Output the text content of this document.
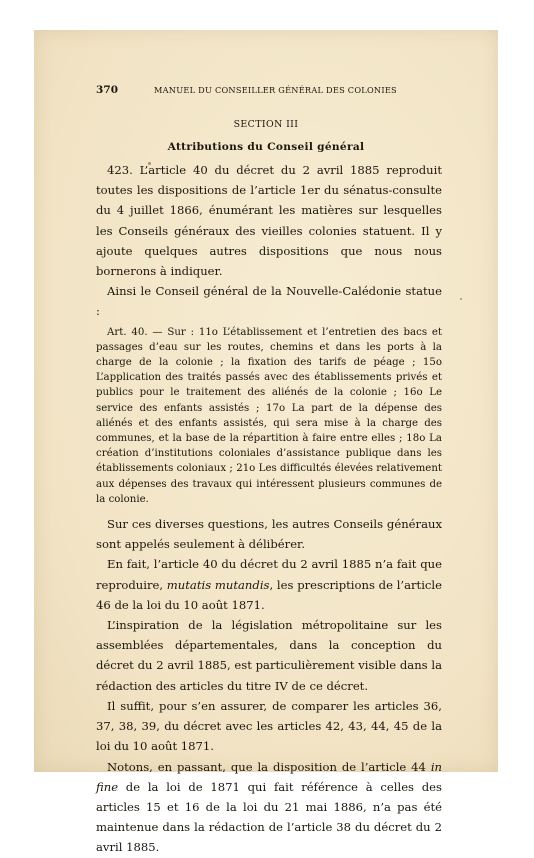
370	MANUEL DU CONSEILLER GÉNÉRAL DES COLONIES
SECTION III
Attributions du Conseil général

423. L’article 40 du décret du 2 avril 1885 reproduit toutes les dispositions de l’article 1er du sénatus-consulte du 4 juillet 1866, énumérant les matières sur lesquelles les Conseils généraux des vieilles colonies statuent. Il y ajoute quelques autres dispositions que nous nous bornerons à indiquer.

Ainsi le Conseil général de la Nouvelle-Calédonie statue :

Art. 40. — Sur : 11o L’établissement et l’entretien des bacs et passages d’eau sur les routes, chemins et dans les ports à la charge de la colonie ; la fixation des tarifs de péage ; 15o L’application des traités passés avec des établissements privés et publics pour le traitement des aliénés de la colonie ; 16o Le service des enfants assistés ; 17o La part de la dépense des aliénés et des enfants assistés, qui sera mise à la charge des communes, et la base de la répartition à faire entre elles ; 18o La création d’institutions coloniales d’assistance publique dans les établissements coloniaux ; 21o Les difficultés élevées relativement aux dépenses des travaux qui intéressent plusieurs communes de la colonie.

Sur ces diverses questions, les autres Conseils généraux sont appelés seulement à délibérer.

En fait, l’article 40 du décret du 2 avril 1885 n’a fait que reproduire, mutatis mutandis, les prescriptions de l’article 46 de la loi du 10 août 1871.

L’inspiration de la législation métropolitaine sur les assemblées départementales, dans la conception du décret du 2 avril 1885, est particulièrement visible dans la rédaction des articles du titre IV de ce décret.

Il suffit, pour s’en assurer, de comparer les articles 36, 37, 38, 39, du décret avec les articles 42, 43, 44, 45 de la loi du 10 août 1871.

Notons, en passant, que la disposition de l’article 44 in fine de la loi de 1871 qui fait référence à celles des articles 15 et 16 de la loi du 21 mai 1886, n’a pas été maintenue dans la rédaction de l’article 38 du décret du 2 avril 1885.
